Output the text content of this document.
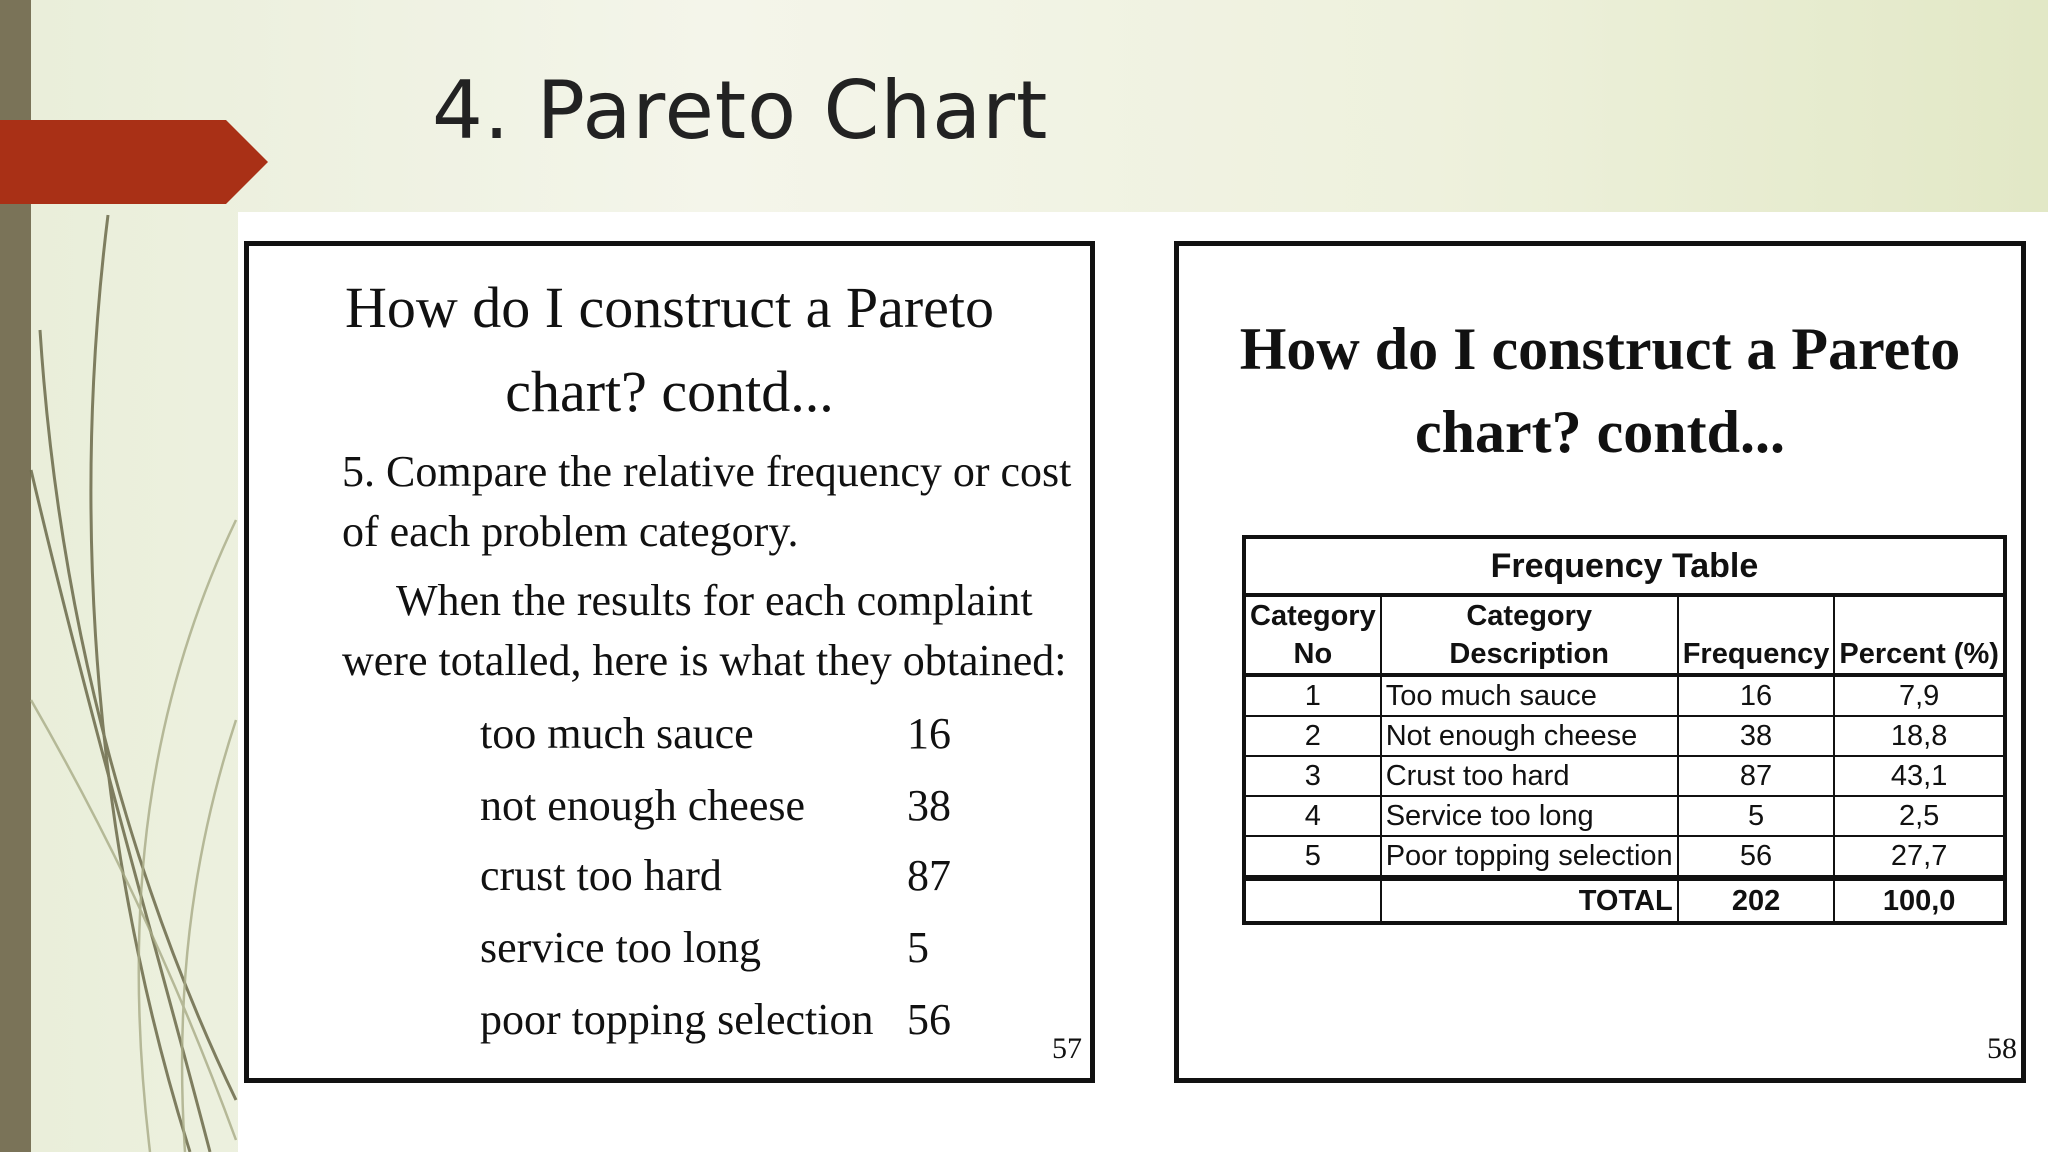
4. Pareto Chart
How do I construct a Pareto
chart? contd...
5. Compare the relative frequency or cost
of each problem category.
When the results for each complaint
were totalled, here is what they obtained:
too much sauce	16
not enough cheese 38
crust too hard	87
service too long	5
poor topping selection 56
57
How do I construct a Pareto
chart? contd...
Frequency Table			
Category	Category		
No	Description	Frequency	Percent (%)
1	Too much sauce	16	7,9
2	Not enough cheese	38	18,8
3	Crust too hard	87	43,1
4	Service too long	5	2,5
5	Poor topping selection	56	27,7
	TOTAL	202	100,0
58
